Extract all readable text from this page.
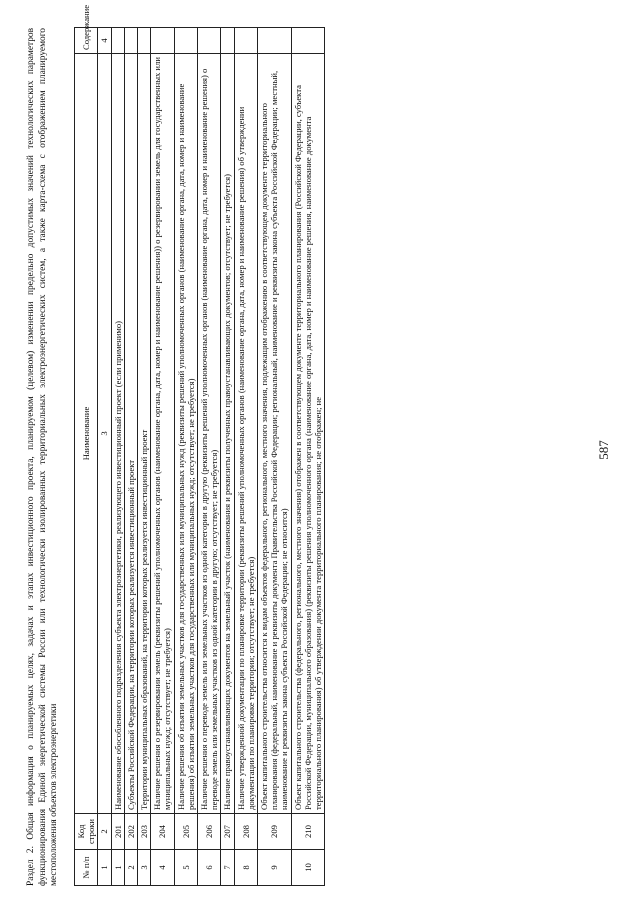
587
Раздел 2. Общая информация о планируемых целях, задачах и этапах инвестиционного проекта, планируемом (целевом) изменении предельно допустимых значений технологических параметров функционирования Единой энергетической системы России или технологически изолированных территориальных электроэнергетических систем, а также карта-схема с отображением планируемого местоположения объектов электроэнергетики	№ п/п	Код строки	Наименование	Содержание
1	2	3	4
1	201	Наименование обособленного подразделения субъекта электроэнергетики, реализующего инвестиционный проект (если применимо)	
2	202	Субъекты Российской Федерации, на территории которых реализуется инвестиционный проект	
3	203	Территории муниципальных образований, на территории которых реализуется инвестиционный проект	
4	204	Наличие решения о резервировании земель (реквизиты решений уполномоченных органов (наименование органа, дата, номер и наименование решения)) о резервировании земель для государственных или муниципальных нужд; отсутствует; не требуется)	
5	205	Наличие решения об изъятии земельных участков для государственных или муниципальных нужд (реквизиты решений уполномоченных органов (наименование органа, дата, номер и наименование решения) об изъятии земельных участков для государственных или муниципальных нужд; отсутствует; не требуется)	
6	206	Наличие решения о переводе земель или земельных участков из одной категории в другую (реквизиты решений уполномоченных органов (наименование органа, дата, номер и наименование решения) о переводе земель или земельных участков из одной категории в другую; отсутствует; не требуется)	
7	207	Наличие правоустанавливающих документов на земельный участок (наименования и реквизиты полученных правоустанавливающих документов; отсутствует; не требуется)	
8	208	Наличие утвержденной документации по планировке территории (реквизиты решений уполномоченных органов (наименование органа, дата, номер и наименование решения) об утверждении документации по планировке территории; отсутствует; не требуется)	
9	209	Объект капитального строительства относится к видам объектов федерального, регионального, местного значения, подлежащим отображению в соответствующем документе территориального планирования (федеральный, наименование и реквизиты документа Правительства Российской Федерации; региональный, наименование и реквизиты закона субъекта Российской Федерации; местный, наименование и реквизиты закона субъекта Российской Федерации; не относится)	
10	210	Объект капитального строительства (федерального, регионального, местного значения) отображен в соответствующем документе территориального планирования (Российской Федерации, субъекта Российской Федерации, муниципального образования) (реквизиты решения уполномоченного органа (наименование органа, дата, номер и наименование решения, наименование документа территориального планирования) об утверждении документа территориального планирования; не отображен; не	
